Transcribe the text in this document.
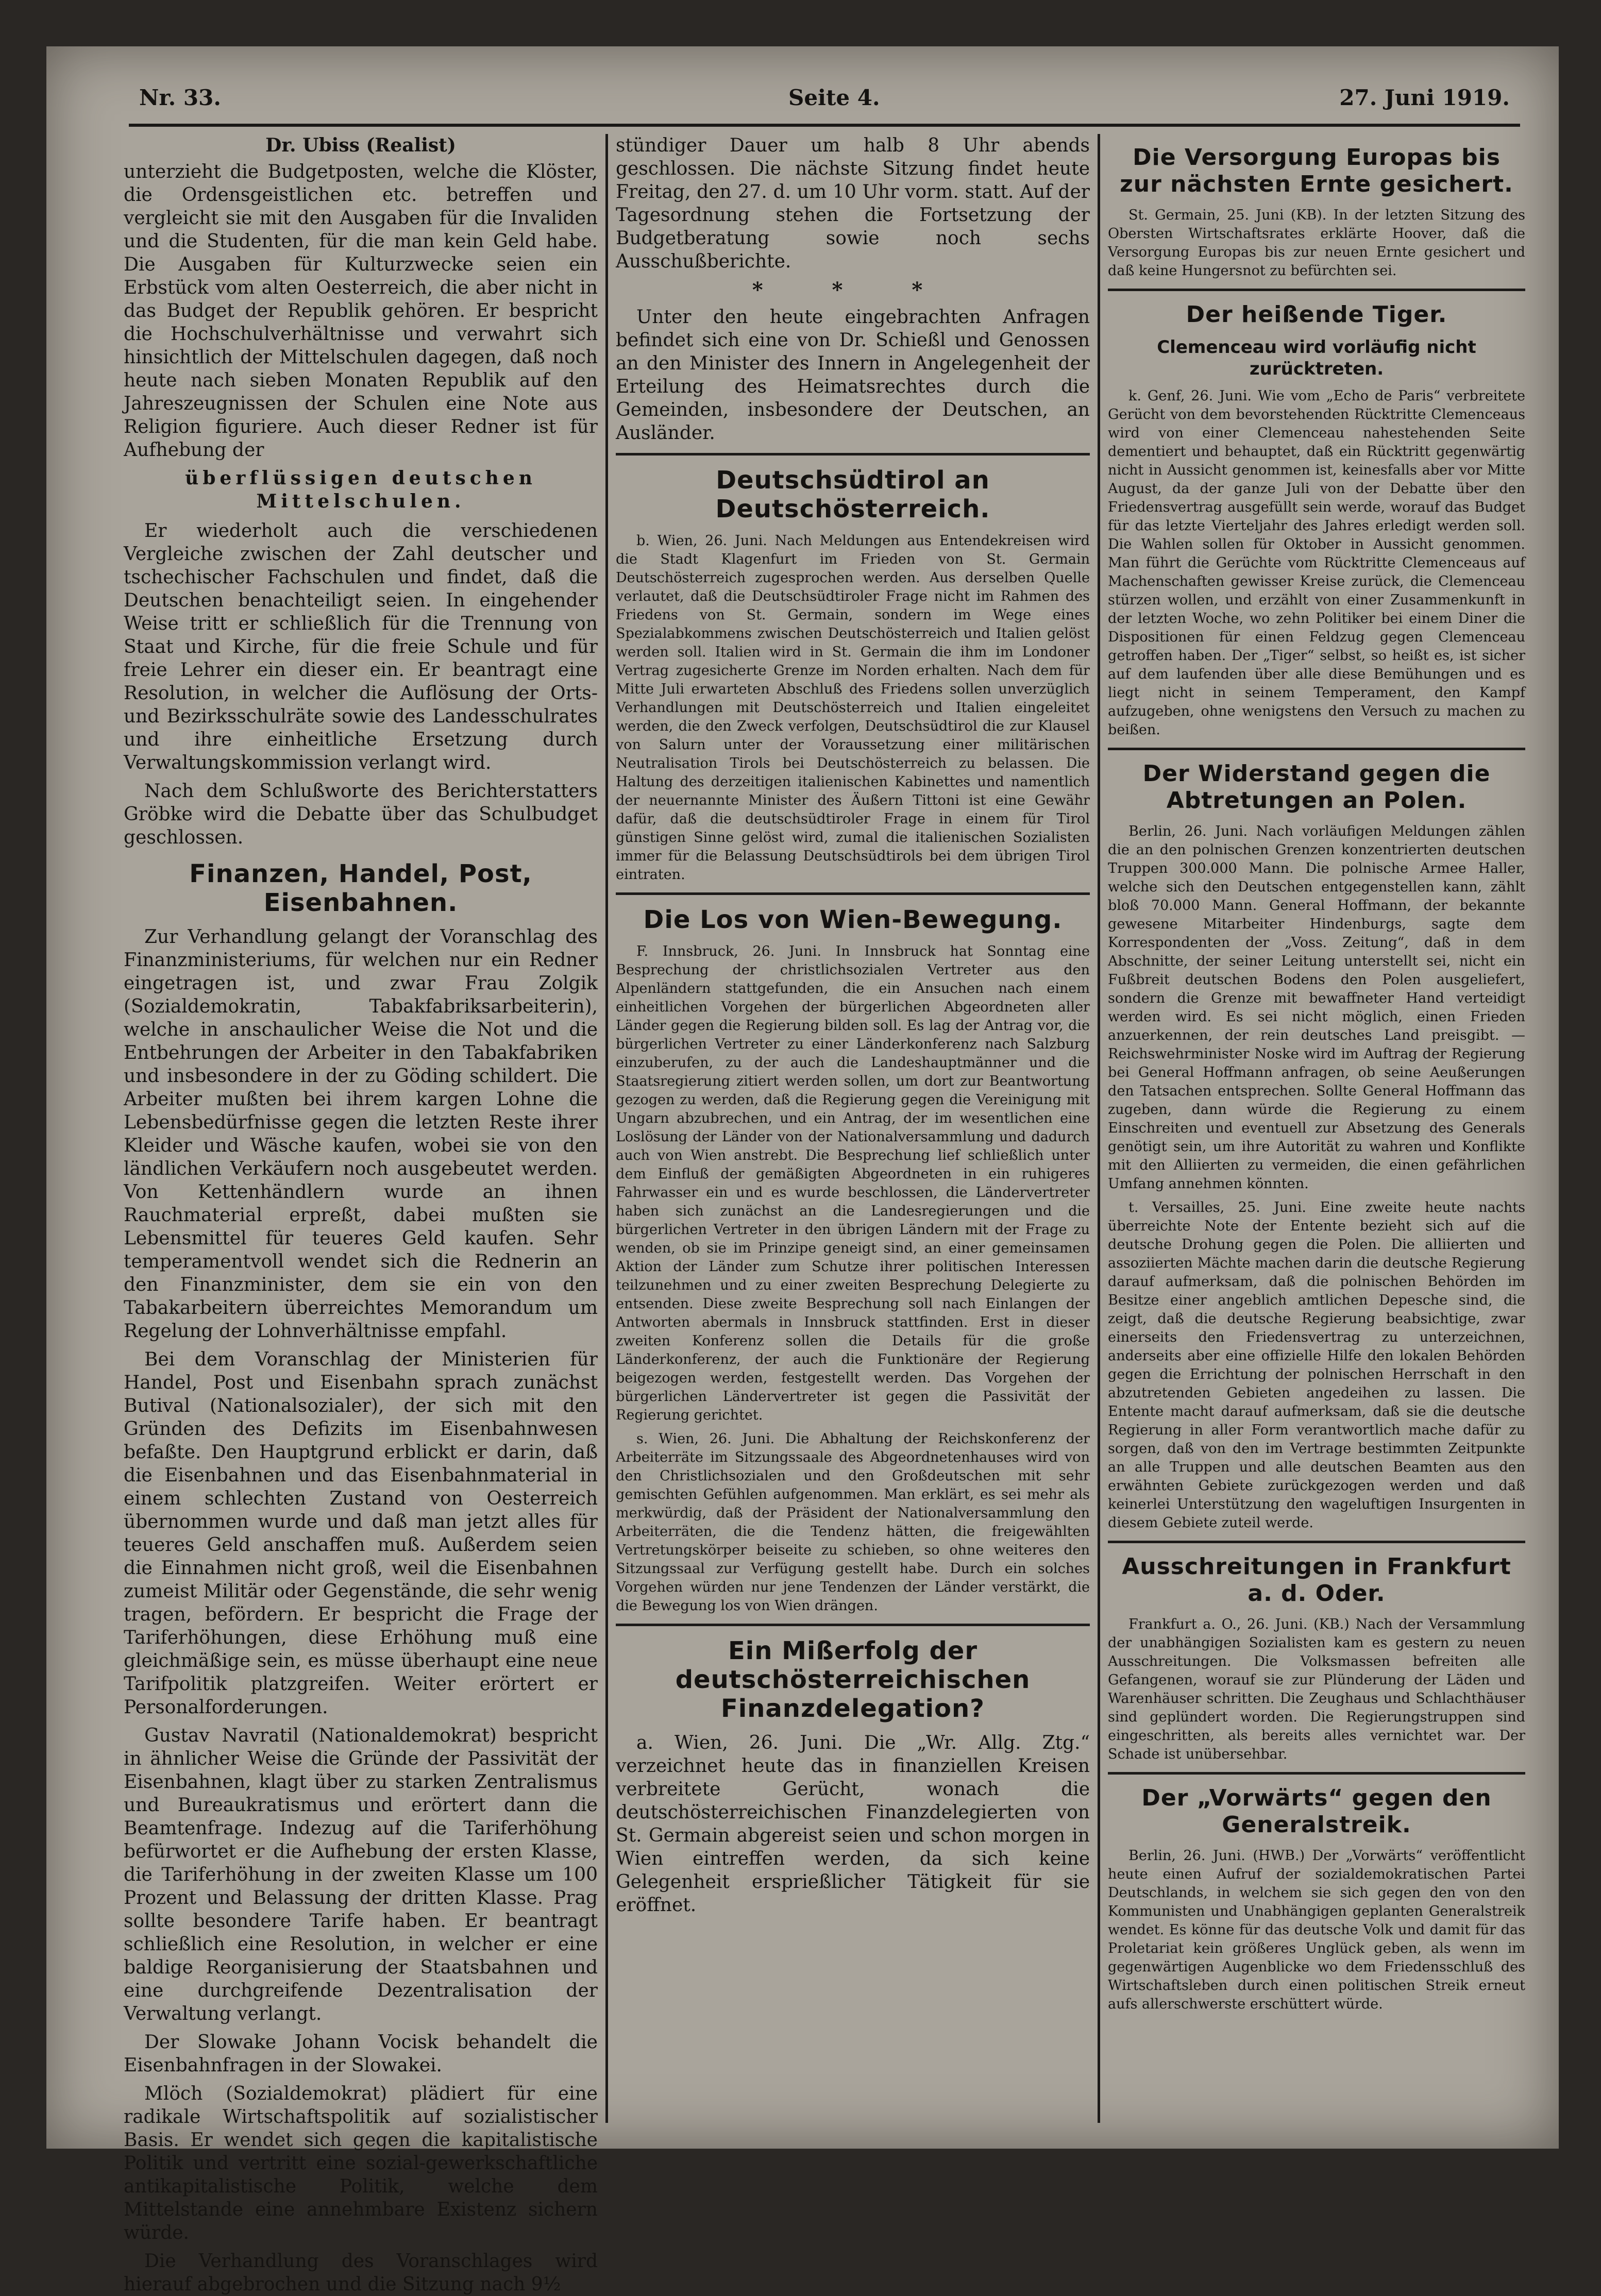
Nr. 33.	Seite 4.	27. Juni 1919.
Dr. Ubiss (Realist)

unterzieht die Budgetposten, welche die Klöster, die Ordensgeistlichen etc. betreffen und vergleicht sie mit den Ausgaben für die Invaliden und die Studenten, für die man kein Geld habe. Die Ausgaben für Kulturzwecke seien ein Erbstück vom alten Oesterreich, die aber nicht in das Budget der Republik gehören. Er bespricht die Hochschulverhältnisse und verwahrt sich hinsichtlich der Mittelschulen dagegen, daß noch heute nach sieben Monaten Republik auf den Jahreszeugnissen der Schulen eine Note aus Religion figuriere. Auch dieser Redner ist für Aufhebung der

überflüssigen deutschen Mittelschulen.

Er wiederholt auch die verschiedenen Vergleiche zwischen der Zahl deutscher und tschechischer Fachschulen und findet, daß die Deutschen benachteiligt seien. In eingehender Weise tritt er schließlich für die Trennung von Staat und Kirche, für die freie Schule und für freie Lehrer ein dieser ein. Er beantragt eine Resolution, in welcher die Auflösung der Orts- und Bezirksschulräte sowie des Landesschulrates und ihre einheitliche Ersetzung durch Verwaltungskommission verlangt wird.

Nach dem Schlußworte des Berichterstatters Gröbke wird die Debatte über das Schulbudget geschlossen.

Finanzen, Handel, Post, Eisenbahnen.

Zur Verhandlung gelangt der Voranschlag des Finanzministeriums, für welchen nur ein Redner eingetragen ist, und zwar Frau Zolgik (Sozialdemokratin, Tabakfabriksarbeiterin), welche in anschaulicher Weise die Not und die Entbehrungen der Arbeiter in den Tabakfabriken und insbesondere in der zu Göding schildert. Die Arbeiter mußten bei ihrem kargen Lohne die Lebensbedürfnisse gegen die letzten Reste ihrer Kleider und Wäsche kaufen, wobei sie von den ländlichen Verkäufern noch ausgebeutet werden. Von Kettenhändlern wurde an ihnen Rauchmaterial erpreßt, dabei mußten sie Lebensmittel für teueres Geld kaufen. Sehr temperamentvoll wendet sich die Rednerin an den Finanzminister, dem sie ein von den Tabakarbeitern überreichtes Memorandum um Regelung der Lohnverhältnisse empfahl.

Bei dem Voranschlag der Ministerien für Handel, Post und Eisenbahn sprach zunächst Butival (Nationalsozialer), der sich mit den Gründen des Defizits im Eisenbahnwesen befaßte. Den Hauptgrund erblickt er darin, daß die Eisenbahnen und das Eisenbahnmaterial in einem schlechten Zustand von Oesterreich übernommen wurde und daß man jetzt alles für teueres Geld anschaffen muß. Außerdem seien die Einnahmen nicht groß, weil die Eisenbahnen zumeist Militär oder Gegenstände, die sehr wenig tragen, befördern. Er bespricht die Frage der Tariferhöhungen, diese Erhöhung muß eine gleichmäßige sein, es müsse überhaupt eine neue Tarifpolitik platzgreifen. Weiter erörtert er Personalforderungen.

Gustav Navratil (Nationaldemokrat) bespricht in ähnlicher Weise die Gründe der Passivität der Eisenbahnen, klagt über zu starken Zentralismus und Bureaukratismus und erörtert dann die Beamtenfrage. Indezug auf die Tariferhöhung befürwortet er die Aufhebung der ersten Klasse, die Tariferhöhung in der zweiten Klasse um 100 Prozent und Belassung der dritten Klasse. Prag sollte besondere Tarife haben. Er beantragt schließlich eine Resolution, in welcher er eine baldige Reorganisierung der Staatsbahnen und eine durchgreifende Dezentralisation der Verwaltung verlangt.

Der Slowake Johann Vocisk behandelt die Eisenbahnfragen in der Slowakei.

Mlöch (Sozialdemokrat) plädiert für eine radikale Wirtschaftspolitik auf sozialistischer Basis. Er wendet sich gegen die kapitalistische Politik und vertritt eine sozial-gewerkschaftliche antikapitalistische Politik, welche dem Mittelstande eine annehmbare Existenz sichern würde.

Die Verhandlung des Voranschlages wird hierauf abgebrochen und die Sitzung nach 9½

stündiger Dauer um halb 8 Uhr abends geschlossen. Die nächste Sitzung findet heute Freitag, den 27. d. um 10 Uhr vorm. statt. Auf der Tagesordnung stehen die Fortsetzung der Budgetberatung sowie noch sechs Ausschußberichte.

* * *

Unter den heute eingebrachten Anfragen befindet sich eine von Dr. Schießl und Genossen an den Minister des Innern in Angelegenheit der Erteilung des Heimatsrechtes durch die Gemeinden, insbesondere der Deutschen, an Ausländer.

Deutschsüdtirol an Deutschösterreich.

b. Wien, 26. Juni. Nach Meldungen aus Entendekreisen wird die Stadt Klagenfurt im Frieden von St. Germain Deutschösterreich zugesprochen werden. Aus derselben Quelle verlautet, daß die Deutschsüdtiroler Frage nicht im Rahmen des Friedens von St. Germain, sondern im Wege eines Spezialabkommens zwischen Deutschösterreich und Italien gelöst werden soll. Italien wird in St. Germain die ihm im Londoner Vertrag zugesicherte Grenze im Norden erhalten. Nach dem für Mitte Juli erwarteten Abschluß des Friedens sollen unverzüglich Verhandlungen mit Deutschösterreich und Italien eingeleitet werden, die den Zweck verfolgen, Deutschsüdtirol die zur Klausel von Salurn unter der Voraussetzung einer militärischen Neutralisation Tirols bei Deutschösterreich zu belassen. Die Haltung des derzeitigen italienischen Kabinettes und namentlich der neuernannte Minister des Äußern Tittoni ist eine Gewähr dafür, daß die deutschsüdtiroler Frage in einem für Tirol günstigen Sinne gelöst wird, zumal die italienischen Sozialisten immer für die Belassung Deutschsüdtirols bei dem übrigen Tirol eintraten.

Die Los von Wien-Bewegung.

F. Innsbruck, 26. Juni. In Innsbruck hat Sonntag eine Besprechung der christlichsozialen Vertreter aus den Alpenländern stattgefunden, die ein Ansuchen nach einem einheitlichen Vorgehen der bürgerlichen Abgeordneten aller Länder gegen die Regierung bilden soll. Es lag der Antrag vor, die bürgerlichen Vertreter zu einer Länderkonferenz nach Salzburg einzuberufen, zu der auch die Landeshauptmänner und die Staatsregierung zitiert werden sollen, um dort zur Beantwortung gezogen zu werden, daß die Regierung gegen die Vereinigung mit Ungarn abzubrechen, und ein Antrag, der im wesentlichen eine Loslösung der Länder von der Nationalversammlung und dadurch auch von Wien anstrebt. Die Besprechung lief schließlich unter dem Einfluß der gemäßigten Abgeordneten in ein ruhigeres Fahrwasser ein und es wurde beschlossen, die Ländervertreter haben sich zunächst an die Landesregierungen und die bürgerlichen Vertreter in den übrigen Ländern mit der Frage zu wenden, ob sie im Prinzipe geneigt sind, an einer gemeinsamen Aktion der Länder zum Schutze ihrer politischen Interessen teilzunehmen und zu einer zweiten Besprechung Delegierte zu entsenden. Diese zweite Besprechung soll nach Einlangen der Antworten abermals in Innsbruck stattfinden. Erst in dieser zweiten Konferenz sollen die Details für die große Länderkonferenz, der auch die Funktionäre der Regierung beigezogen werden, festgestellt werden. Das Vorgehen der bürgerlichen Ländervertreter ist gegen die Passivität der Regierung gerichtet.

s. Wien, 26. Juni. Die Abhaltung der Reichskonferenz der Arbeiterräte im Sitzungssaale des Abgeordnetenhauses wird von den Christlichsozialen und den Großdeutschen mit sehr gemischten Gefühlen aufgenommen. Man erklärt, es sei mehr als merkwürdig, daß der Präsident der Nationalversammlung den Arbeiterräten, die die Tendenz hätten, die freigewählten Vertretungskörper beiseite zu schieben, so ohne weiteres den Sitzungssaal zur Verfügung gestellt habe. Durch ein solches Vorgehen würden nur jene Tendenzen der Länder verstärkt, die die Bewegung los von Wien drängen.

Ein Mißerfolg der deutschösterreichischen Finanzdelegation?

a. Wien, 26. Juni. Die „Wr. Allg. Ztg.“ verzeichnet heute das in finanziellen Kreisen verbreitete Gerücht, wonach die deutschösterreichischen Finanzdelegierten von St. Germain abgereist seien und schon morgen in Wien eintreffen werden, da sich keine Gelegenheit ersprießlicher Tätigkeit für sie eröffnet.

Die Versorgung Europas bis zur nächsten Ernte gesichert.

St. Germain, 25. Juni (KB). In der letzten Sitzung des Obersten Wirtschaftsrates erklärte Hoover, daß die Versorgung Europas bis zur neuen Ernte gesichert und daß keine Hungersnot zu befürchten sei.

Der heißende Tiger.
Clemenceau wird vorläufig nicht zurücktreten.

k. Genf, 26. Juni. Wie vom „Echo de Paris“ verbreitete Gerücht von dem bevorstehenden Rücktritte Clemenceaus wird von einer Clemenceau nahestehenden Seite dementiert und behauptet, daß ein Rücktritt gegenwärtig nicht in Aussicht genommen ist, keinesfalls aber vor Mitte August, da der ganze Juli von der Debatte über den Friedensvertrag ausgefüllt sein werde, worauf das Budget für das letzte Vierteljahr des Jahres erledigt werden soll. Die Wahlen sollen für Oktober in Aussicht genommen. Man führt die Gerüchte vom Rücktritte Clemenceaus auf Machenschaften gewisser Kreise zurück, die Clemenceau stürzen wollen, und erzählt von einer Zusammenkunft in der letzten Woche, wo zehn Politiker bei einem Diner die Dispositionen für einen Feldzug gegen Clemenceau getroffen haben. Der „Tiger“ selbst, so heißt es, ist sicher auf dem laufenden über alle diese Bemühungen und es liegt nicht in seinem Temperament, den Kampf aufzugeben, ohne wenigstens den Versuch zu machen zu beißen.

Der Widerstand gegen die Abtretungen an Polen.

Berlin, 26. Juni. Nach vorläufigen Meldungen zählen die an den polnischen Grenzen konzentrierten deutschen Truppen 300.000 Mann. Die polnische Armee Haller, welche sich den Deutschen entgegenstellen kann, zählt bloß 70.000 Mann. General Hoffmann, der bekannte gewesene Mitarbeiter Hindenburgs, sagte dem Korrespondenten der „Voss. Zeitung“, daß in dem Abschnitte, der seiner Leitung unterstellt sei, nicht ein Fußbreit deutschen Bodens den Polen ausgeliefert, sondern die Grenze mit bewaffneter Hand verteidigt werden wird. Es sei nicht möglich, einen Frieden anzuerkennen, der rein deutsches Land preisgibt. — Reichswehrminister Noske wird im Auftrag der Regierung bei General Hoffmann anfragen, ob seine Aeußerungen den Tatsachen entsprechen. Sollte General Hoffmann das zugeben, dann würde die Regierung zu einem Einschreiten und eventuell zur Absetzung des Generals genötigt sein, um ihre Autorität zu wahren und Konflikte mit den Alliierten zu vermeiden, die einen gefährlichen Umfang annehmen könnten.

t. Versailles, 25. Juni. Eine zweite heute nachts überreichte Note der Entente bezieht sich auf die deutsche Drohung gegen die Polen. Die alliierten und assoziierten Mächte machen darin die deutsche Regierung darauf aufmerksam, daß die polnischen Behörden im Besitze einer angeblich amtlichen Depesche sind, die zeigt, daß die deutsche Regierung beabsichtige, zwar einerseits den Friedensvertrag zu unterzeichnen, anderseits aber eine offizielle Hilfe den lokalen Behörden gegen die Errichtung der polnischen Herrschaft in den abzutretenden Gebieten angedeihen zu lassen. Die Entente macht darauf aufmerksam, daß sie die deutsche Regierung in aller Form verantwortlich mache dafür zu sorgen, daß von den im Vertrage bestimmten Zeitpunkte an alle Truppen und alle deutschen Beamten aus den erwähnten Gebiete zurückgezogen werden und daß keinerlei Unterstützung den wageluftigen Insurgenten in diesem Gebiete zuteil werde.

Ausschreitungen in Frankfurt a. d. Oder.

Frankfurt a. O., 26. Juni. (KB.) Nach der Versammlung der unabhängigen Sozialisten kam es gestern zu neuen Ausschreitungen. Die Volksmassen befreiten alle Gefangenen, worauf sie zur Plünderung der Läden und Warenhäuser schritten. Die Zeughaus und Schlachthäuser sind geplündert worden. Die Regierungstruppen sind eingeschritten, als bereits alles vernichtet war. Der Schade ist unübersehbar.

Der „Vorwärts“ gegen den Generalstreik.

Berlin, 26. Juni. (HWB.) Der „Vorwärts“ veröffentlicht heute einen Aufruf der sozialdemokratischen Partei Deutschlands, in welchem sie sich gegen den von den Kommunisten und Unabhängigen geplanten Generalstreik wendet. Es könne für das deutsche Volk und damit für das Proletariat kein größeres Unglück geben, als wenn im gegenwärtigen Augenblicke wo dem Friedensschluß des Wirtschaftsleben durch einen politischen Streik erneut aufs allerschwerste erschüttert würde.
